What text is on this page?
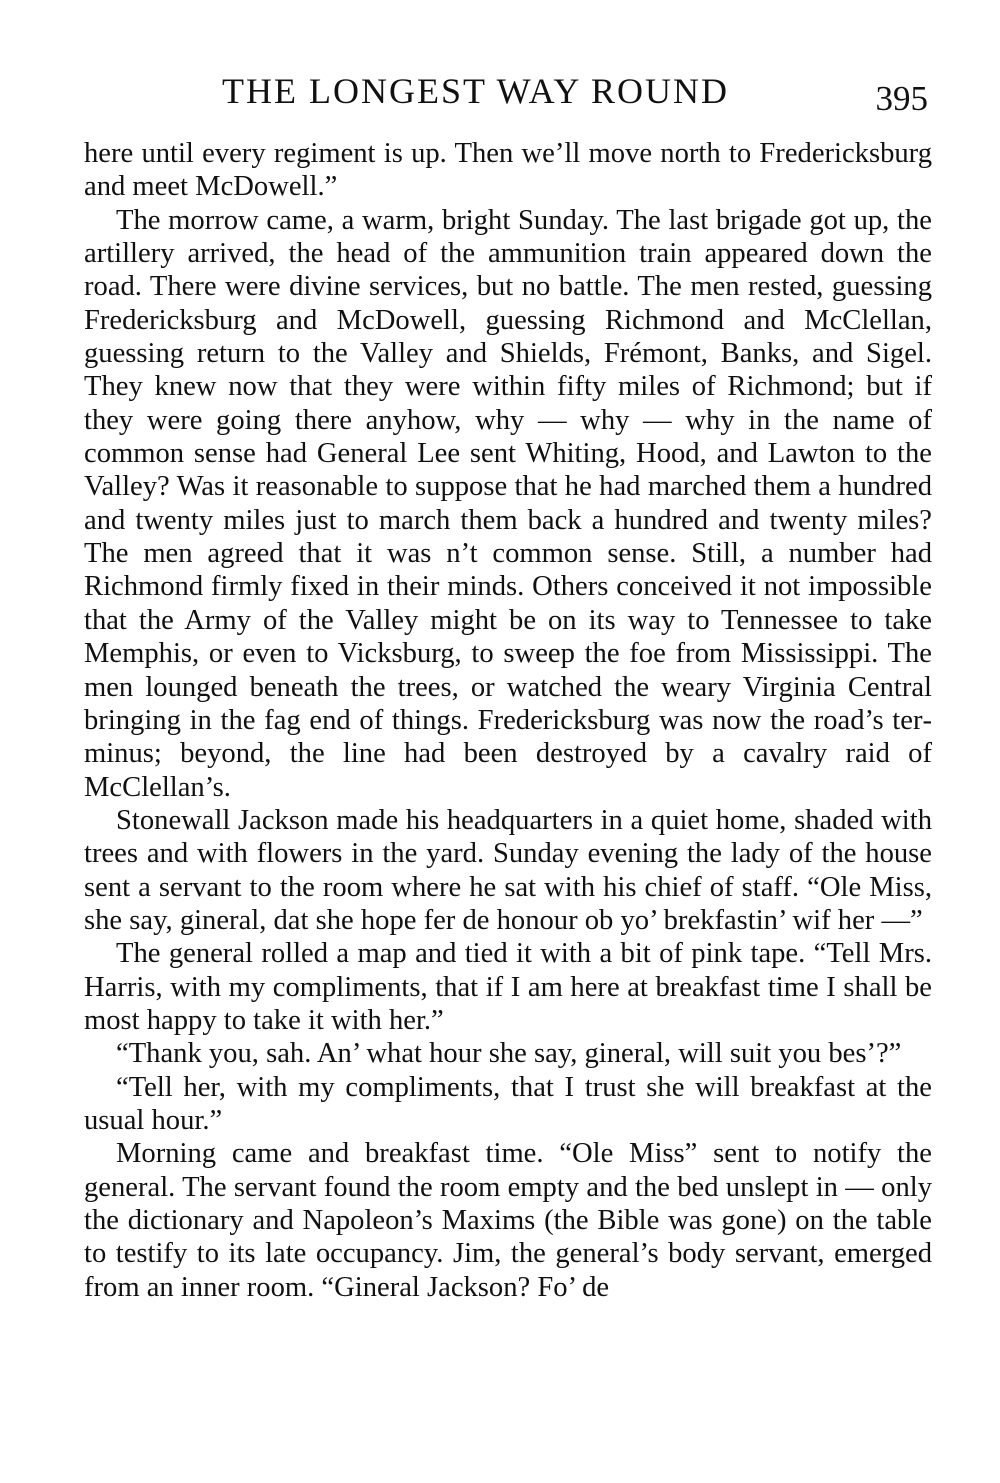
THE LONGEST WAY ROUND	395

here until every regiment is up. Then we’ll move north to Fredericksburg and meet McDowell.”

The morrow came, a warm, bright Sunday. The last brigade got up, the artillery arrived, the head of the ammunition train appeared down the road. There were divine services, but no battle. The men rested, guessing Fredericksburg and McDowell, guessing Richmond and McClellan, guessing return to the Valley and Shields, Frémont, Banks, and Sigel. They knew now that they were within fifty miles of Richmond; but if they were going there anyhow, why — why — why in the name of common sense had General Lee sent Whiting, Hood, and Lawton to the Valley? Was it reasonable to suppose that he had marched them a hundred and twenty miles just to march them back a hundred and twenty miles? The men agreed that it was n’t common sense. Still, a number had Richmond firmly fixed in their minds. Others conceived it not impossible that the Army of the Valley might be on its way to Tennessee to take Memphis, or even to Vicksburg, to sweep the foe from Mississippi. The men lounged beneath the trees, or watched the weary Virginia Central bringing in the fag end of things. Fredericksburg was now the road’s terminus; beyond, the line had been destroyed by a cavalry raid of McClellan’s.

Stonewall Jackson made his headquarters in a quiet home, shaded with trees and with flowers in the yard. Sunday evening the lady of the house sent a servant to the room where he sat with his chief of staff. “Ole Miss, she say, gineral, dat she hope fer de honour ob yo’ brekfastin’ wif her —”

The general rolled a map and tied it with a bit of pink tape. “Tell Mrs. Harris, with my compliments, that if I am here at breakfast time I shall be most happy to take it with her.”

“Thank you, sah. An’ what hour she say, gineral, will suit you bes’?”

“Tell her, with my compliments, that I trust she will breakfast at the usual hour.”

Morning came and breakfast time. “Ole Miss” sent to notify the general. The servant found the room empty and the bed unslept in — only the dictionary and Napoleon’s Maxims (the Bible was gone) on the table to testify to its late occupancy. Jim, the general’s body servant, emerged from an inner room. “Gineral Jackson? Fo’ de
